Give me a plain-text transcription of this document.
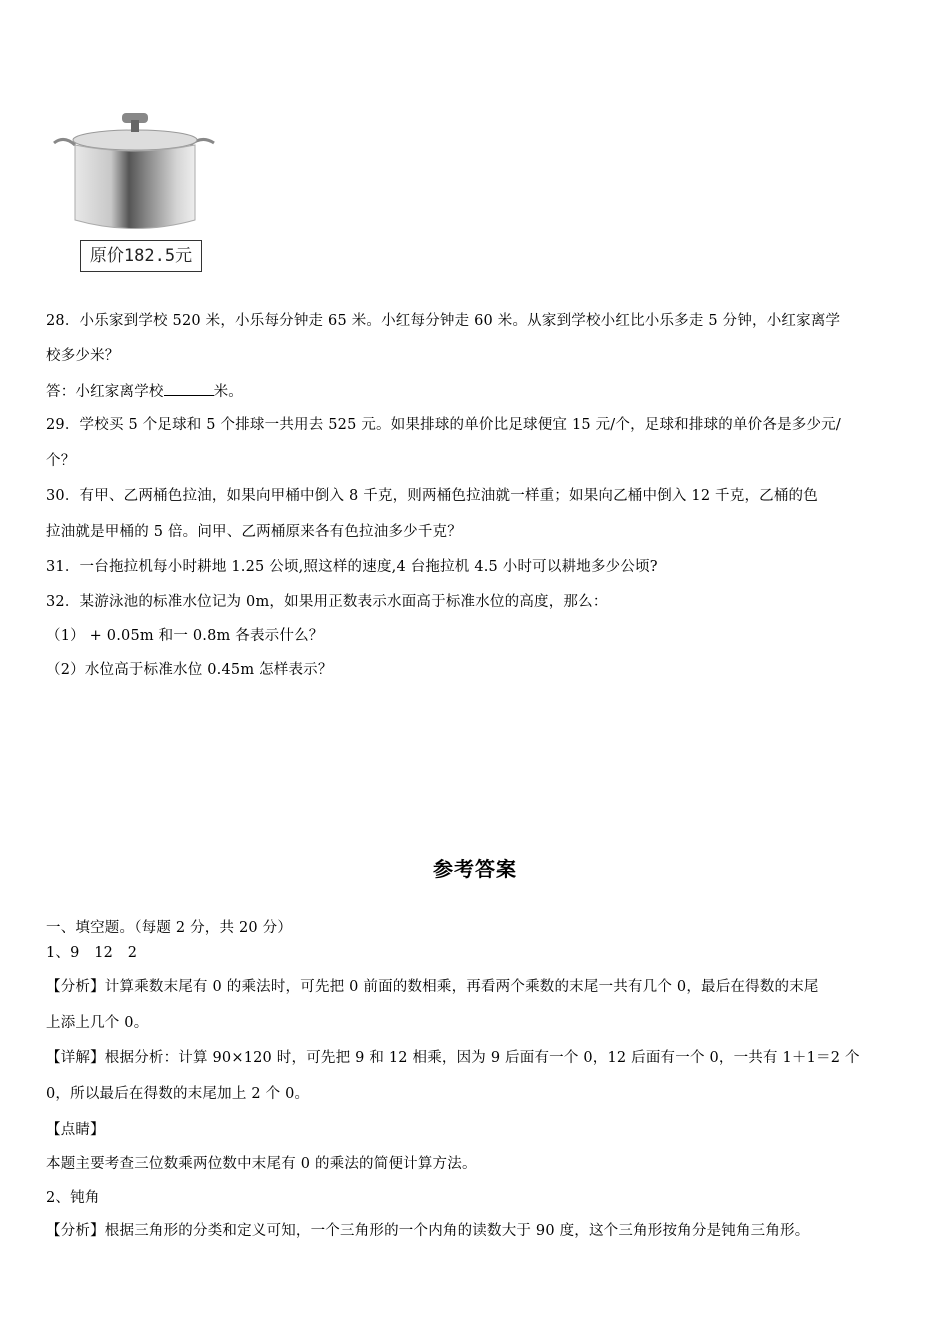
原价182.5元
28．小乐家到学校 520 米，小乐每分钟走 65 米。小红每分钟走 60 米。从家到学校小红比小乐多走 5 分钟，小红家离学
校多少米？
答：小红家离学校	米。
29．学校买 5 个足球和 5 个排球一共用去 525 元。如果排球的单价比足球便宜 15 元/个，足球和排球的单价各是多少元/
个？
30．有甲、乙两桶色拉油，如果向甲桶中倒入 8 千克，则两桶色拉油就一样重；如果向乙桶中倒入 12 千克，乙桶的色
拉油就是甲桶的 5 倍。问甲、乙两桶原来各有色拉油多少千克？
31．一台拖拉机每小时耕地 1.25 公顷,照这样的速度,4 台拖拉机 4.5 小时可以耕地多少公顷?
32．某游泳池的标准水位记为 0m，如果用正数表示水面高于标准水位的高度，那么：
（1） + 0.05m 和一 0.8m 各表示什么？
（2）水位高于标准水位 0.45m 怎样表示？
参考答案
一、填空题。（每题 2 分，共 20 分）
1、9　12　2
【分析】计算乘数末尾有 0 的乘法时，可先把 0 前面的数相乘，再看两个乘数的末尾一共有几个 0，最后在得数的末尾
上添上几个 0。
【详解】根据分析：计算 90×120 时，可先把 9 和 12 相乘，因为 9 后面有一个 0，12 后面有一个 0，一共有 1＋1＝2 个
0，所以最后在得数的末尾加上 2 个 0。
【点睛】
本题主要考查三位数乘两位数中末尾有 0 的乘法的简便计算方法。
2、钝角
【分析】根据三角形的分类和定义可知，一个三角形的一个内角的读数大于 90 度，这个三角形按角分是钝角三角形。
